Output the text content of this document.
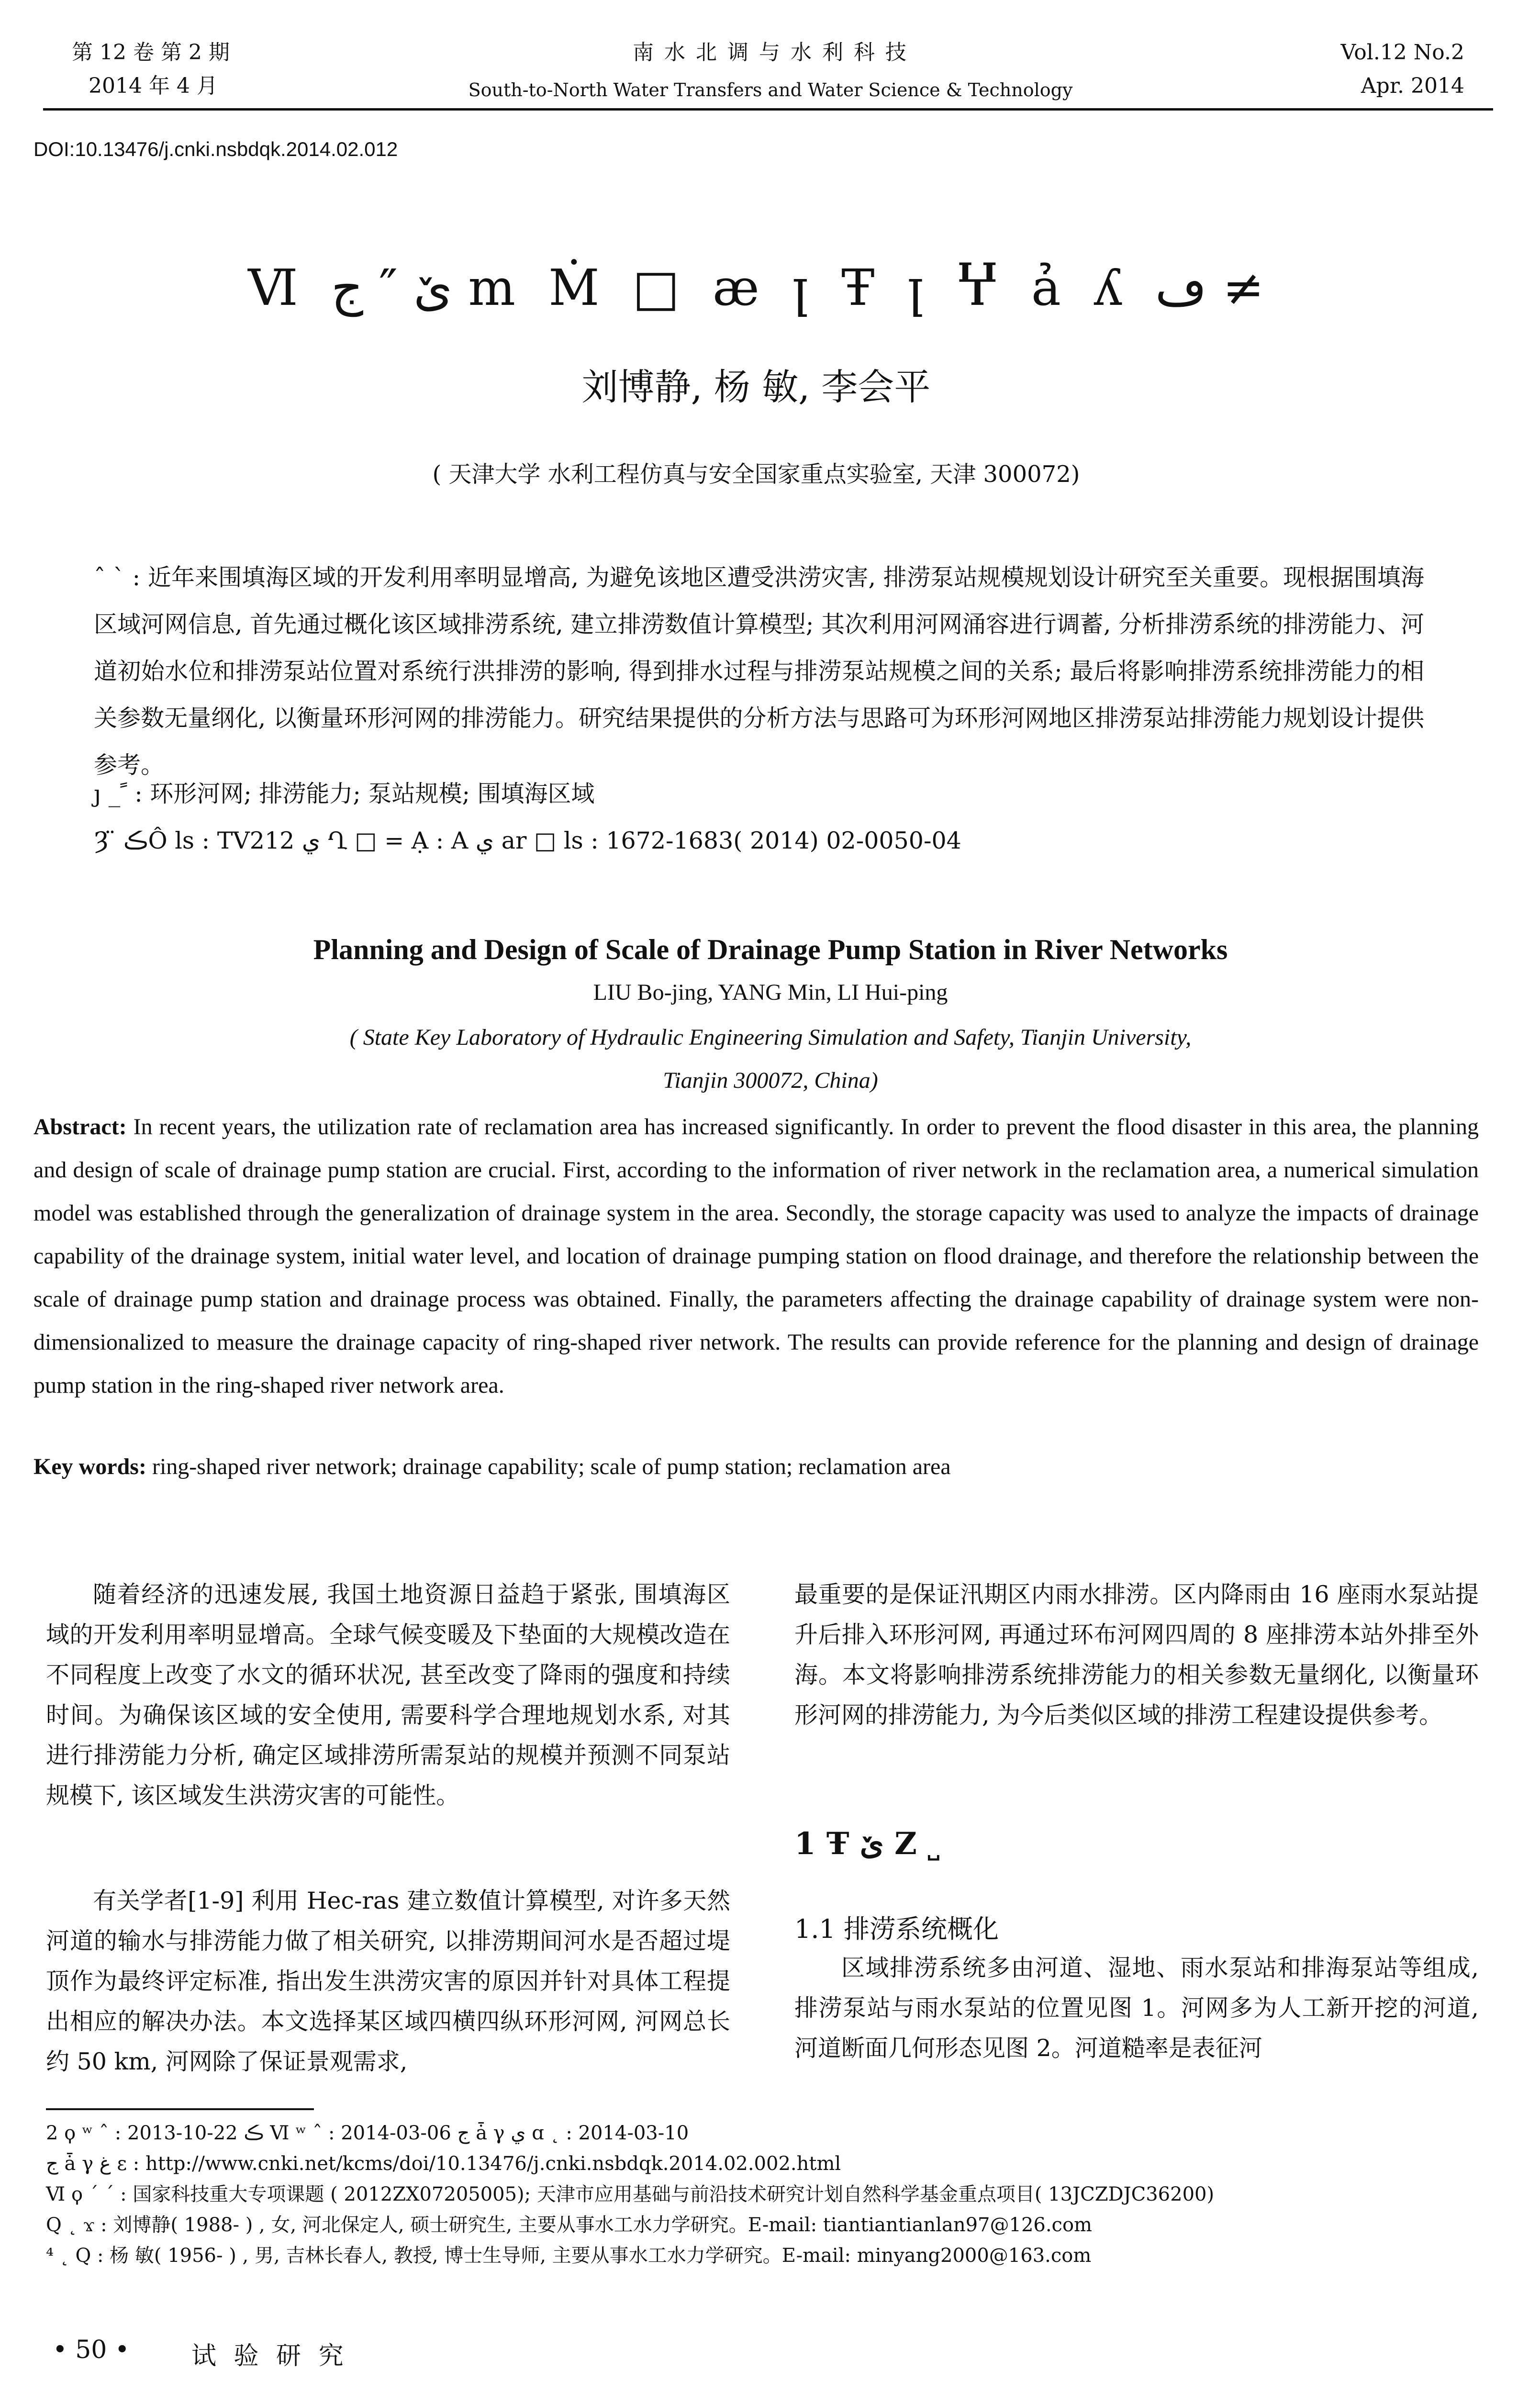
第 12 卷 第 2 期
2014 年 4 月
南 水 北 调 与 水 利 科 技
South-to-North Water Transfers and Water Science & Technology
Vol.12 No.2
Apr. 2014
DOI:10.13476/j.cnki.nsbdqk.2014.02.012
Ⅵ ێ ″ ج m Ṁ □ æ ꞁ Ŧ ꞁ Ⴤ ả ʎ ڡ ≠
刘博静, 杨 敏, 李会平
( 天津大学 水利工程仿真与安全国家重点实验室, 天津 300072)
ˆ ˋ : 近年来围填海区域的开发利用率明显增高, 为避免该地区遭受洪涝灾害, 排涝泵站规模规划设计研究至关重要。现根据围填海区域河网信息, 首先通过概化该区域排涝系统, 建立排涝数值计算模型; 其次利用河网涌容进行调蓄, 分析排涝系统的排涝能力、河道初始水位和排涝泵站位置对系统行洪排涝的影响, 得到排水过程与排涝泵站规模之间的关系; 最后将影响排涝系统排涝能力的相关参数无量纲化, 以衡量环形河网的排涝能力。研究结果提供的分析方法与思路可为环形河网地区排涝泵站排涝能力规划设计提供参考。
ȷ _ ً : 环形河网; 排涝能力; 泵站规模; 围填海区域
Ȝ ̈ ڪÔ ls : TV212 ي Ղ □ = Ạ : A ي ar □ ls : 1672-1683( 2014) 02-0050-04
Planning and Design of Scale of Drainage Pump Station in River Networks
LIU Bo-jing, YANG Min, LI Hui-ping
( State Key Laboratory of Hydraulic Engineering Simulation and Safety, Tianjin University,
Tianjin 300072, China)
Abstract: In recent years, the utilization rate of reclamation area has increased significantly. In order to prevent the flood disaster in this area, the planning and design of scale of drainage pump station are crucial. First, according to the information of river network in the reclamation area, a numerical simulation model was established through the generalization of drainage system in the area. Secondly, the storage capacity was used to analyze the impacts of drainage capability of the drainage system, initial water level, and location of drainage pumping station on flood drainage, and therefore the relationship between the scale of drainage pump station and drainage process was obtained. Finally, the parameters affecting the drainage capability of drainage system were non-dimensionalized to measure the drainage capacity of ring-shaped river network. The results can provide reference for the planning and design of drainage pump station in the ring-shaped river network area.
Key words: ring-shaped river network; drainage capability; scale of pump station; reclamation area
随着经济的迅速发展, 我国土地资源日益趋于紧张, 围填海区域的开发利用率明显增高。全球气候变暖及下垫面的大规模改造在不同程度上改变了水文的循环状况, 甚至改变了降雨的强度和持续时间。为确保该区域的安全使用, 需要科学合理地规划水系, 对其进行排涝能力分析, 确定区域排涝所需泵站的规模并预测不同泵站规模下, 该区域发生洪涝灾害的可能性。
有关学者[1-9] 利用 Hec-ras 建立数值计算模型, 对许多天然河道的输水与排涝能力做了相关研究, 以排涝期间河水是否超过堤顶作为最终评定标准, 指出发生洪涝灾害的原因并针对具体工程提出相应的解决办法。本文选择某区域四横四纵环形河网, 河网总长约 50 km, 河网除了保证景观需求,
最重要的是保证汛期区内雨水排涝。区内降雨由 16 座雨水泵站提升后排入环形河网, 再通过环布河网四周的 8 座排涝本站外排至外海。本文将影响排涝系统排涝能力的相关参数无量纲化, 以衡量环形河网的排涝能力, 为今后类似区域的排涝工程建设提供参考。
1 Ŧ ێ Ζ ˽
1.1 排涝系统概化
区域排涝系统多由河道、湿地、雨水泵站和排海泵站等组成, 排涝泵站与雨水泵站的位置见图 1。河网多为人工新开挖的河道, 河道断面几何形态见图 2。河道糙率是表征河
2 ϙ ʷ ˆ : 2013-10-22 ڪ Ⅵ ʷ ˆ : 2014-03-06 ج ǡ γ ي ɑ ˛ : 2014-03-10
ج ǡ γ غ ɛ : http://www.cnki.net/kcms/doi/10.13476/j.cnki.nsbdqk.2014.02.002.html
Ⅵ ϙ ˊ ˊ : 国家科技重大专项课题 ( 2012ZX07205005); 天津市应用基础与前沿技术研究计划自然科学基金重点项目( 13JCZDJC36200)
Q ˛ ϫ : 刘博静( 1988- ) , 女, 河北保定人, 硕士研究生, 主要从事水工水力学研究。E-mail: tiantiantianlan97@126.com
⁴ ˛ Q : 杨 敏( 1956- ) , 男, 吉林长春人, 教授, 博士生导师, 主要从事水工水力学研究。E-mail: minyang2000@163.com
• 50 • 试 验 研 究
